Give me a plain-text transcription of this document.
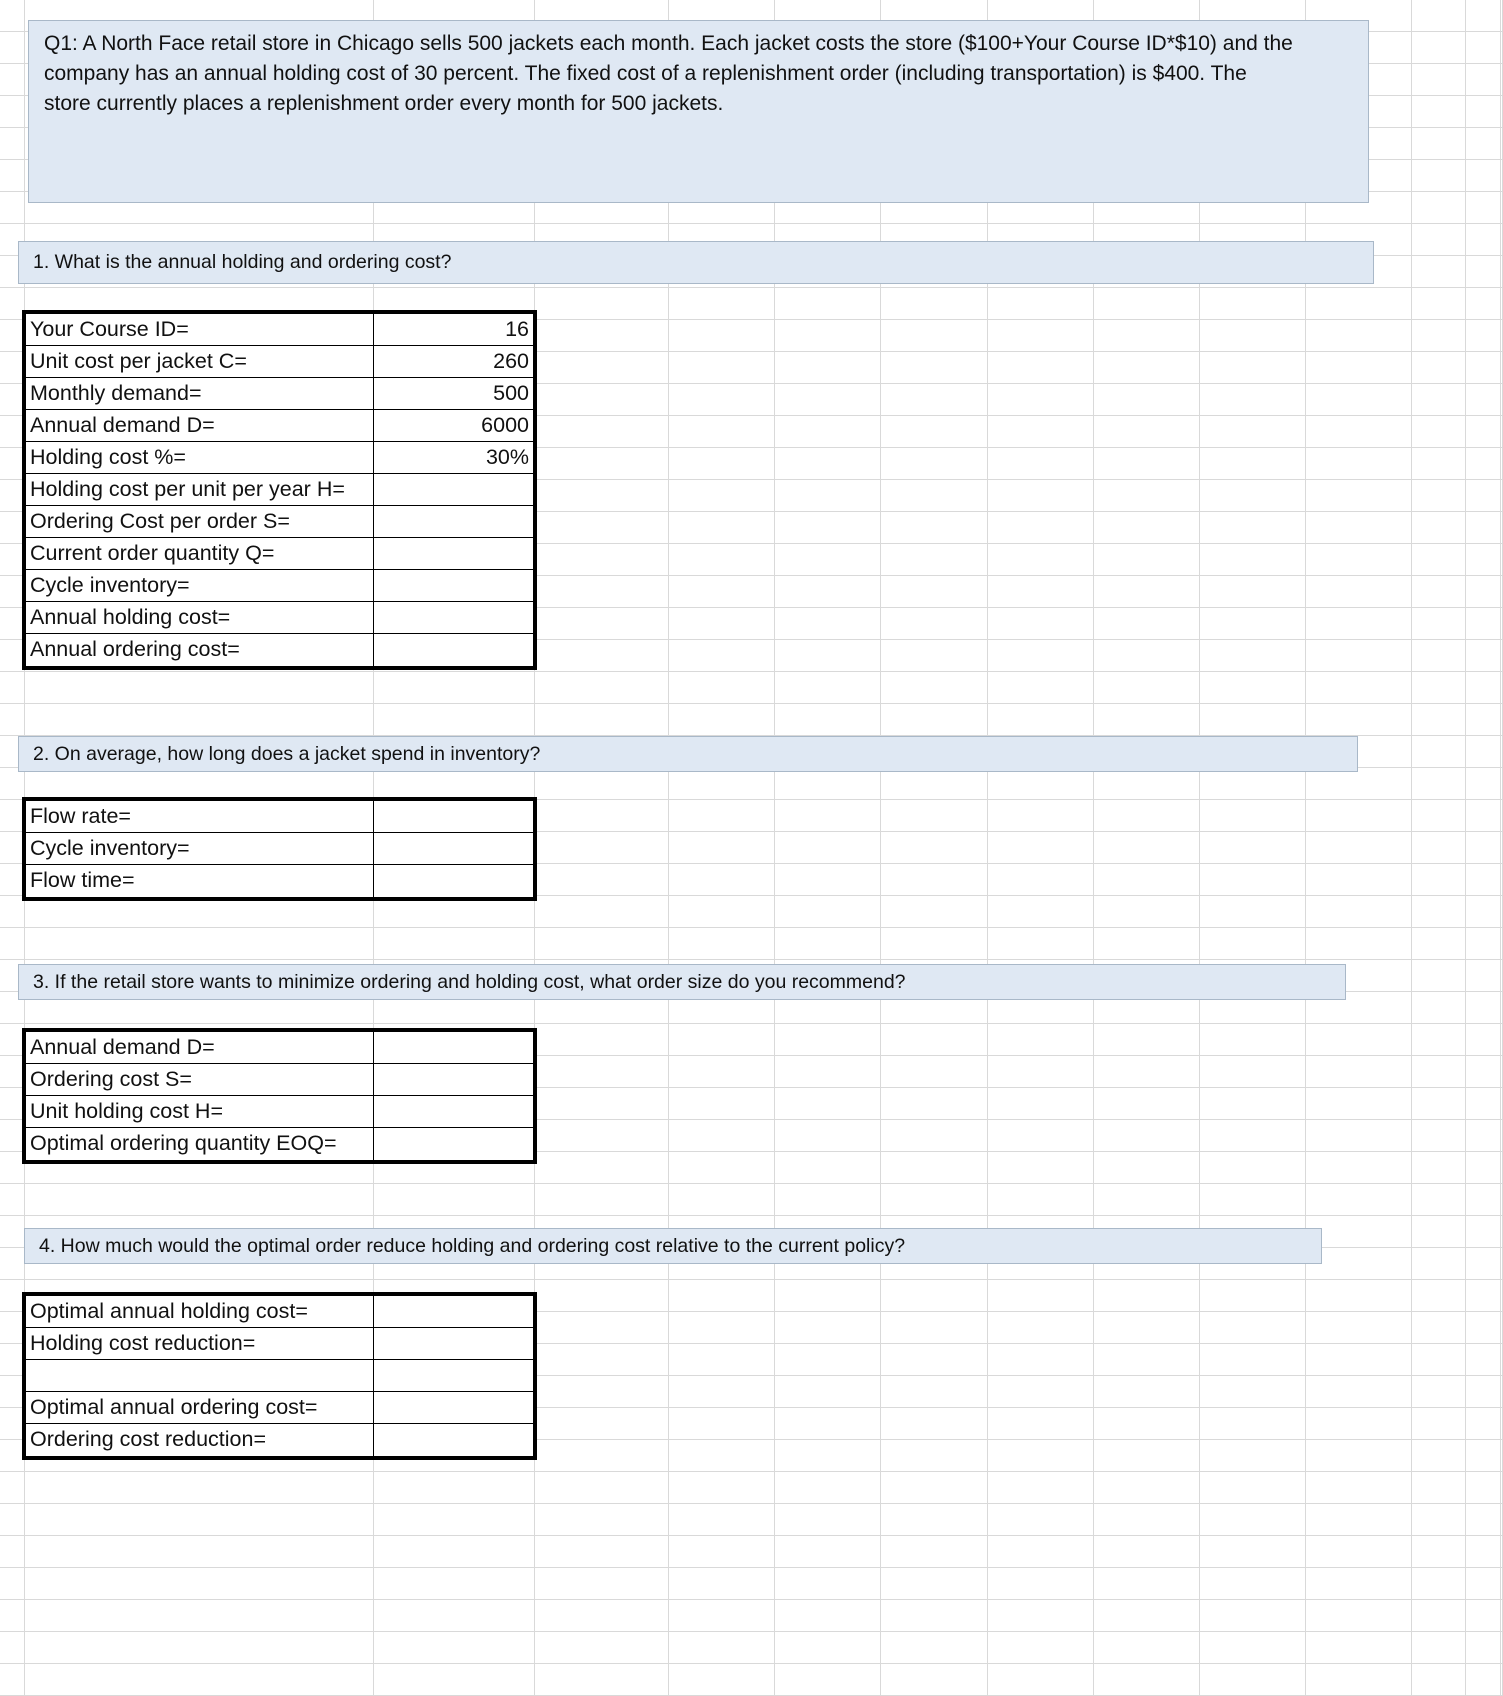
Q1: A North Face retail store in Chicago sells 500 jackets each month. Each jacket costs the store ($100+Your Course ID*$10) and the
company has an annual holding cost of 30 percent. The fixed cost of a replenishment order (including transportation) is $400. The
store currently places a replenishment order every month for 500 jackets.
1. What is the annual holding and ordering cost?
Your Course ID=	16
Unit cost per jacket C=	260
Monthly demand=	500
Annual demand D=	6000
Holding cost %=	30%
Holding cost per unit per year H=
Ordering Cost per order S=
Current order quantity Q=
Cycle inventory=
Annual holding cost=
Annual ordering cost=
2. On average, how long does a jacket spend in inventory?
Flow rate=
Cycle inventory=
Flow time=
3. If the retail store wants to minimize ordering and holding cost, what order size do you recommend?
Annual demand D=
Ordering cost S=
Unit holding cost H=
Optimal ordering quantity EOQ=
4. How much would the optimal order reduce holding and ordering cost relative to the current policy?
Optimal annual holding cost=
Holding cost reduction=
Optimal annual ordering cost=
Ordering cost reduction=
